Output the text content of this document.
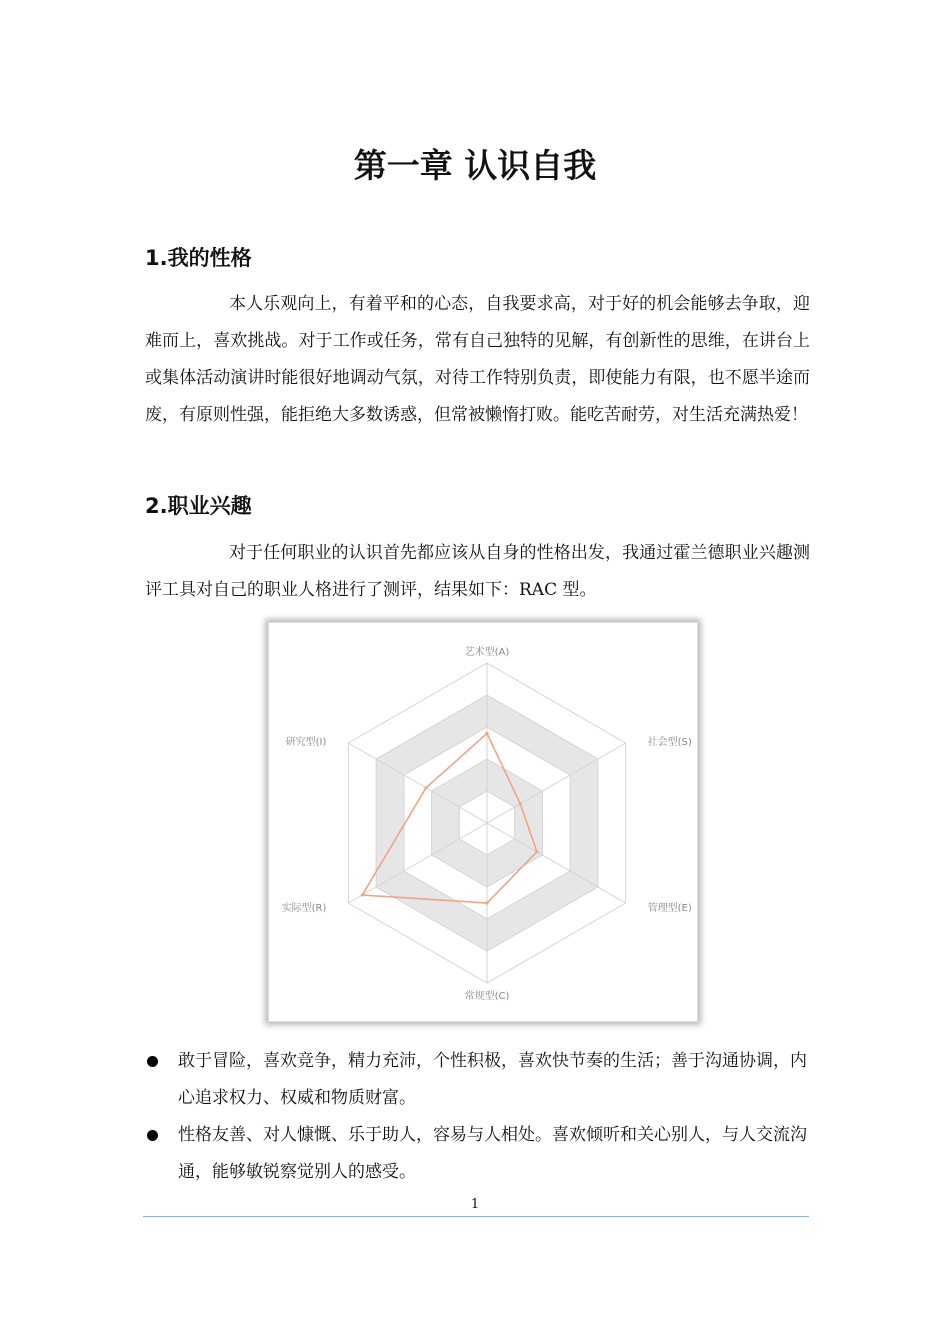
第一章 认识自我
1.我的性格

本人乐观向上，有着平和的心态，自我要求高，对于好的机会能够去争取，迎难而上，喜欢挑战。对于工作或任务，常有自己独特的见解，有创新性的思维，在讲台上或集体活动演讲时能很好地调动气氛，对待工作特别负责，即使能力有限，也不愿半途而废，有原则性强，能拒绝大多数诱惑，但常被懒惰打败。能吃苦耐劳，对生活充满热爱！

2.职业兴趣

对于任何职业的认识首先都应该从自身的性格出发，我通过霍兰德职业兴趣测评工具对自己的职业人格进行了测评，结果如下：RAC 型。

艺术型(A)
社会型(S)
管理型(E)
常规型(C)
实际型(R)
研究型(I)
敢于冒险，喜欢竞争，精力充沛，个性积极，喜欢快节奏的生活；善于沟通协调，内心追求权力、权威和物质财富。
性格友善、对人慷慨、乐于助人，容易与人相处。喜欢倾听和关心别人，与人交流沟通，能够敏锐察觉别人的感受。
1
